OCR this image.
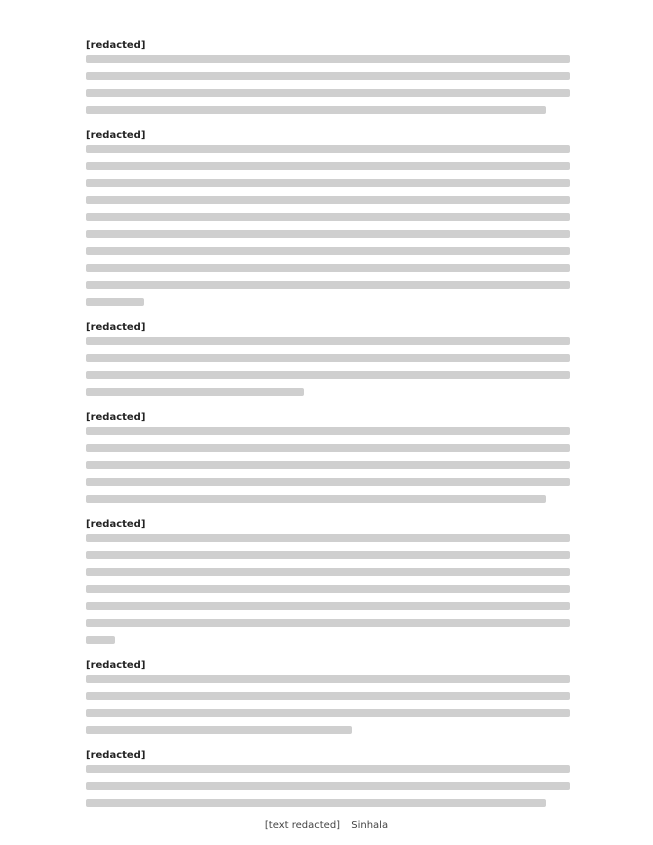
[redacted]
[redacted]
[redacted]
[redacted]
[redacted]
[redacted]
[redacted]
[text redacted] Sinhala
